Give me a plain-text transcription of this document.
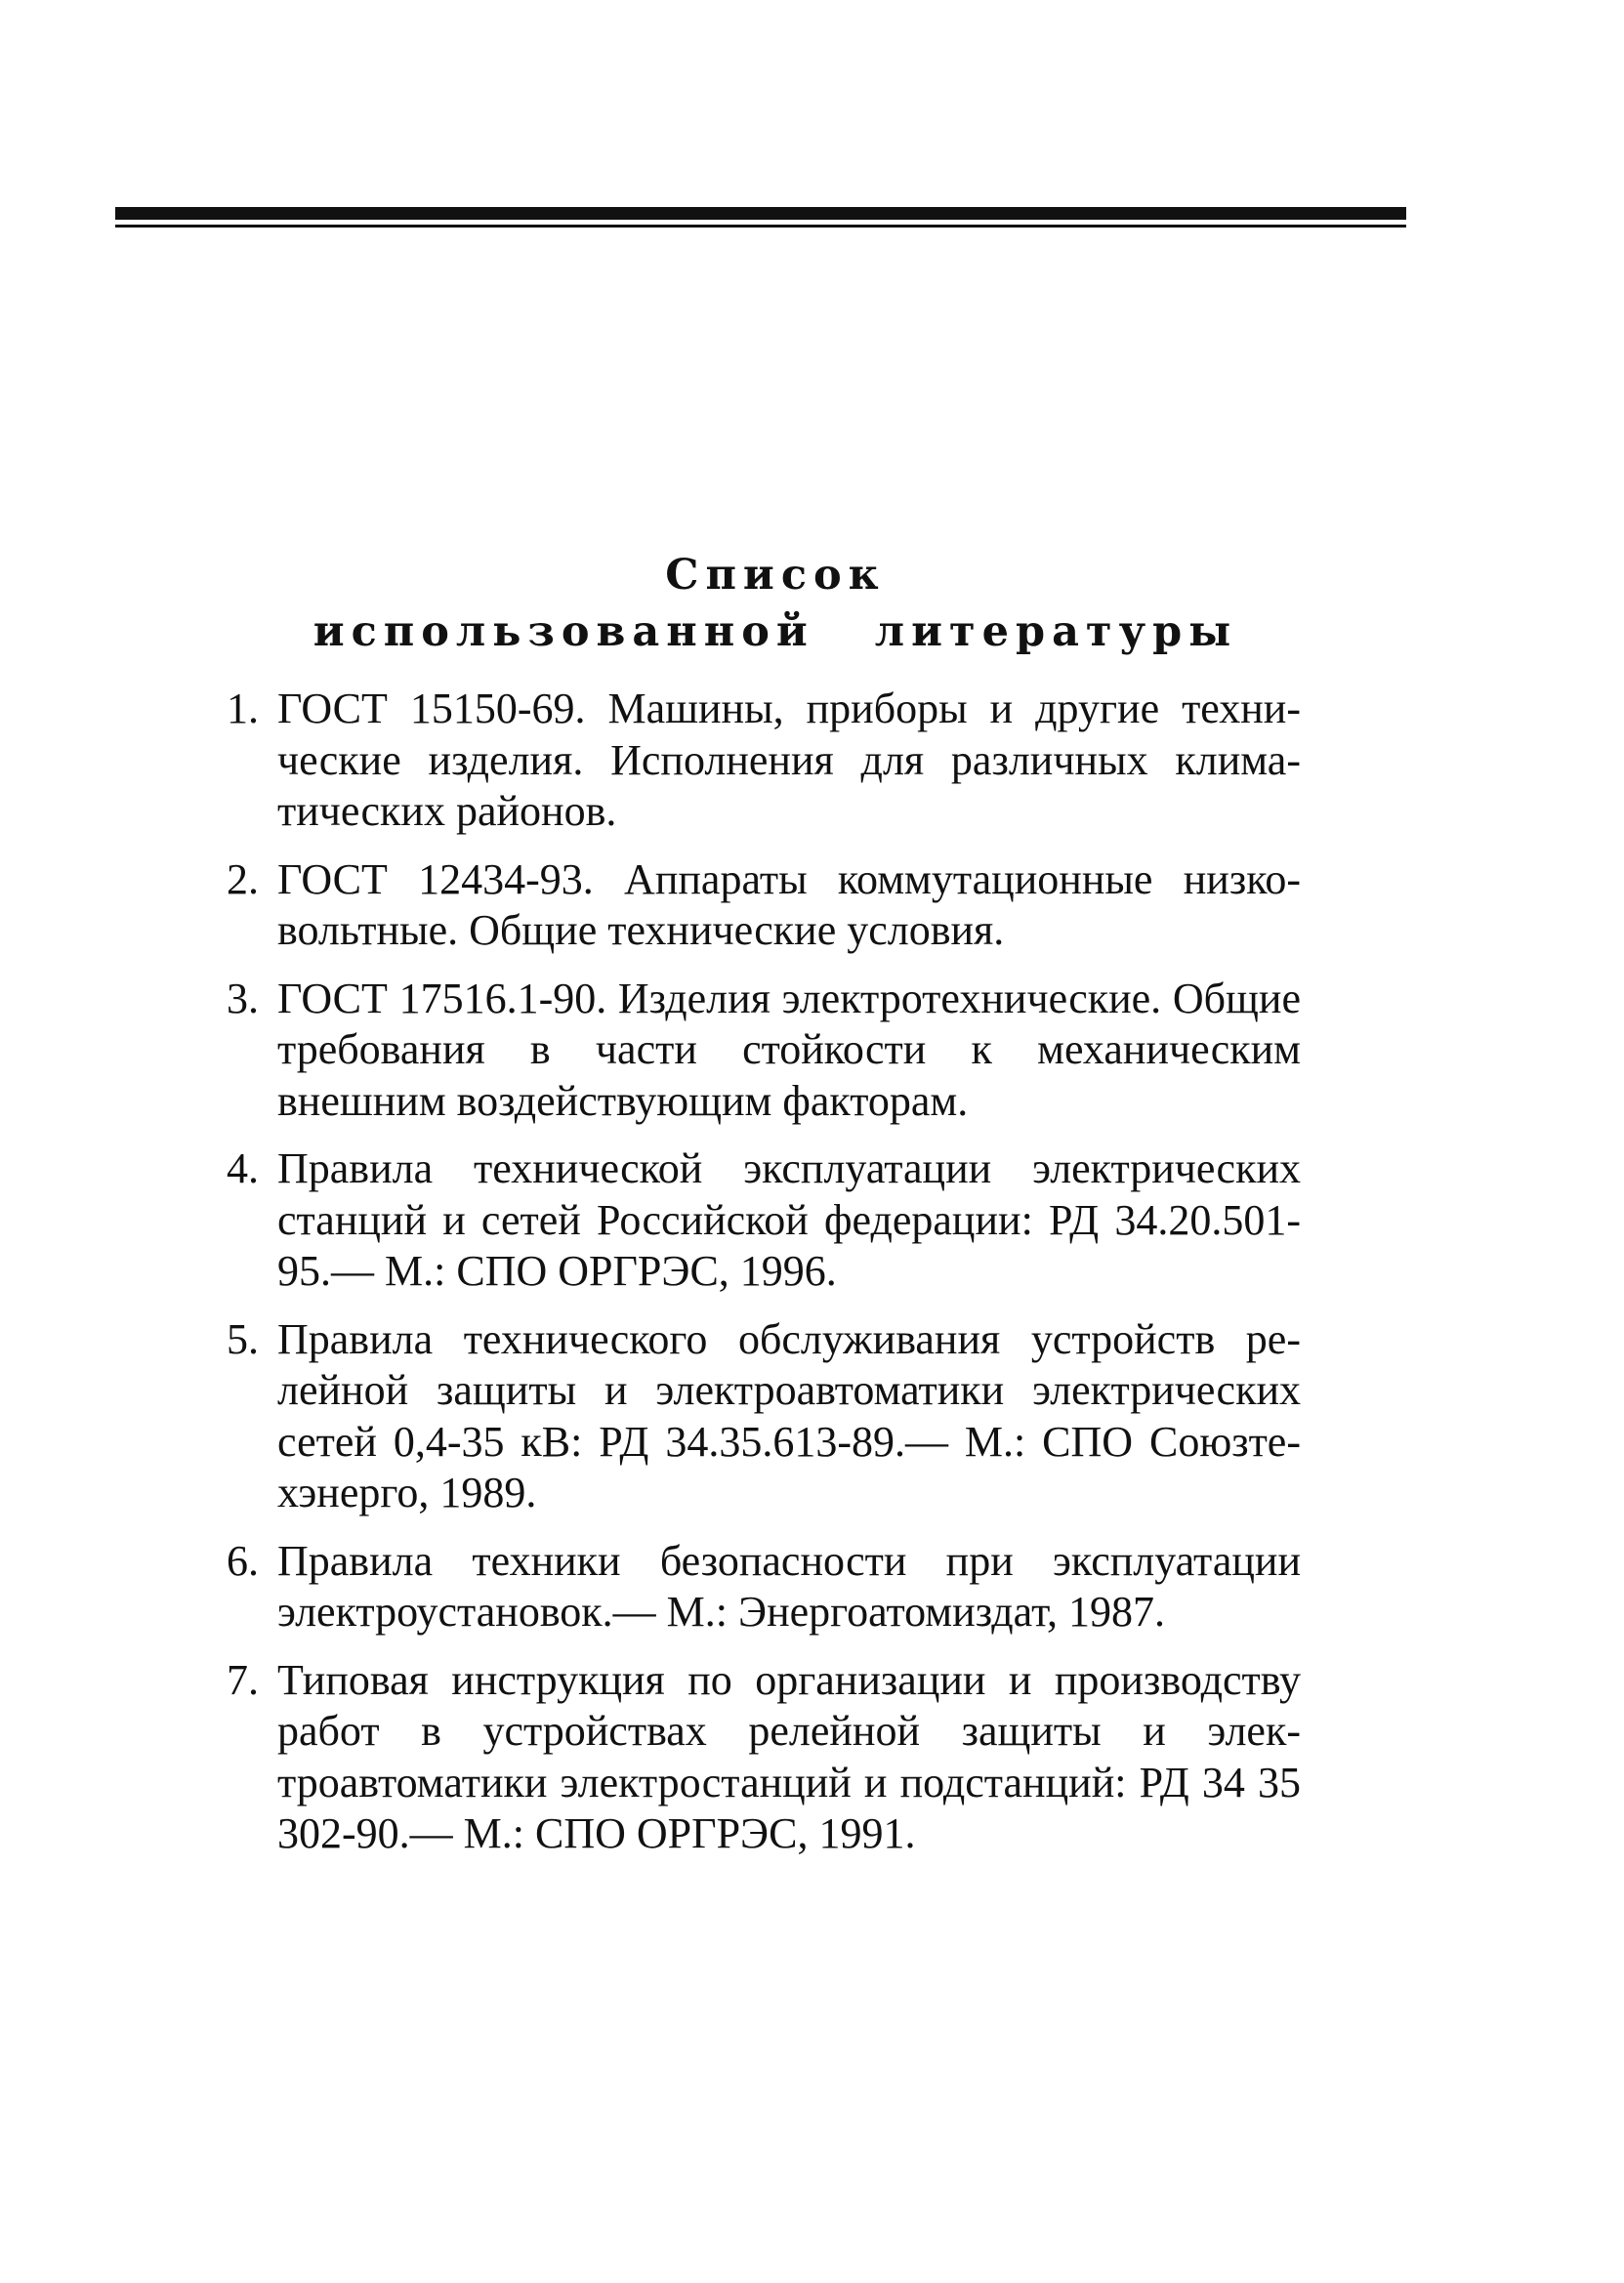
Список
использованной литературы
1. ГОСТ 15150-69. Машины, приборы и другие технические изделия. Исполнения для различных климатических районов.
2. ГОСТ 12434-93. Аппараты коммутационные низковольтные. Общие технические условия.
3. ГОСТ 17516.1-90. Изделия электротехнические. Общие требования в части стойкости к механическим внешним воздействующим факторам.
4. Правила технической эксплуатации электрических станций и сетей Российской федерации: РД 34.20.501-95.— М.: СПО ОРГРЭС, 1996.
5. Правила технического обслуживания устройств релейной защиты и электроавтоматики электрических сетей 0,4-35 кВ: РД 34.35.613-89.— М.: СПО Союзтехэнерго, 1989.
6. Правила техники безопасности при эксплуатации электроустановок.— М.: Энергоатомиздат, 1987.
7. Типовая инструкция по организации и производству работ в устройствах релейной защиты и электроавтоматики электростанций и подстанций: РД 34 35 302-90.— М.: СПО ОРГРЭС, 1991.
